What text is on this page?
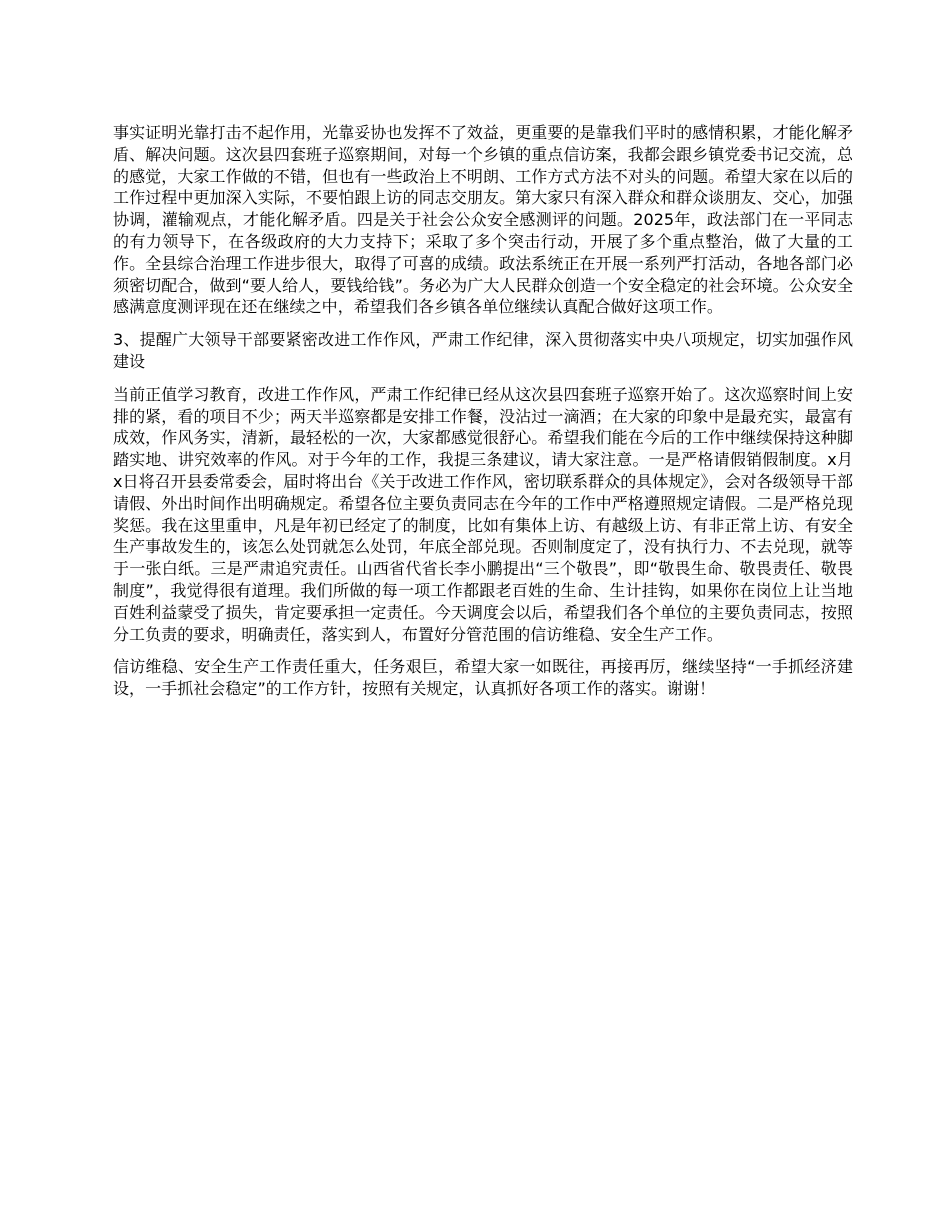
事实证明光靠打击不起作用，光靠妥协也发挥不了效益，更重要的是靠我们平时的感情积累，才能化解矛盾、解决问题。这次县四套班子巡察期间，对每一个乡镇的重点信访案，我都会跟乡镇党委书记交流，总的感觉，大家工作做的不错，但也有一些政治上不明朗、工作方式方法不对头的问题。希望大家在以后的工作过程中更加深入实际，不要怕跟上访的同志交朋友。第大家只有深入群众和群众谈朋友、交心，加强协调，灌输观点，才能化解矛盾。四是关于社会公众安全感测评的问题。2025年，政法部门在一平同志的有力领导下，在各级政府的大力支持下；采取了多个突击行动，开展了多个重点整治，做了大量的工作。全县综合治理工作进步很大，取得了可喜的成绩。政法系统正在开展一系列严打活动，各地各部门必须密切配合，做到“要人给人，要钱给钱”。务必为广大人民群众创造一个安全稳定的社会环境。公众安全感满意度测评现在还在继续之中，希望我们各乡镇各单位继续认真配合做好这项工作。

3、提醒广大领导干部要紧密改进工作作风，严肃工作纪律，深入贯彻落实中央八项规定，切实加强作风建设

当前正值学习教育，改进工作作风，严肃工作纪律已经从这次县四套班子巡察开始了。这次巡察时间上安排的紧，看的项目不少；两天半巡察都是安排工作餐，没沾过一滴酒；在大家的印象中是最充实，最富有成效，作风务实，清新，最轻松的一次，大家都感觉很舒心。希望我们能在今后的工作中继续保持这种脚踏实地、讲究效率的作风。对于今年的工作，我提三条建议，请大家注意。一是严格请假销假制度。x月x日将召开县委常委会，届时将出台《关于改进工作作风，密切联系群众的具体规定》，会对各级领导干部请假、外出时间作出明确规定。希望各位主要负责同志在今年的工作中严格遵照规定请假。二是严格兑现奖惩。我在这里重申，凡是年初已经定了的制度，比如有集体上访、有越级上访、有非正常上访、有安全生产事故发生的，该怎么处罚就怎么处罚，年底全部兑现。否则制度定了，没有执行力、不去兑现，就等于一张白纸。三是严肃追究责任。山西省代省长李小鹏提出“三个敬畏”，即“敬畏生命、敬畏责任、敬畏制度”，我觉得很有道理。我们所做的每一项工作都跟老百姓的生命、生计挂钩，如果你在岗位上让当地百姓利益蒙受了损失，肯定要承担一定责任。今天调度会以后，希望我们各个单位的主要负责同志，按照分工负责的要求，明确责任，落实到人，布置好分管范围的信访维稳、安全生产工作。

信访维稳、安全生产工作责任重大，任务艰巨，希望大家一如既往，再接再厉，继续坚持“一手抓经济建设，一手抓社会稳定”的工作方针，按照有关规定，认真抓好各项工作的落实。谢谢！
